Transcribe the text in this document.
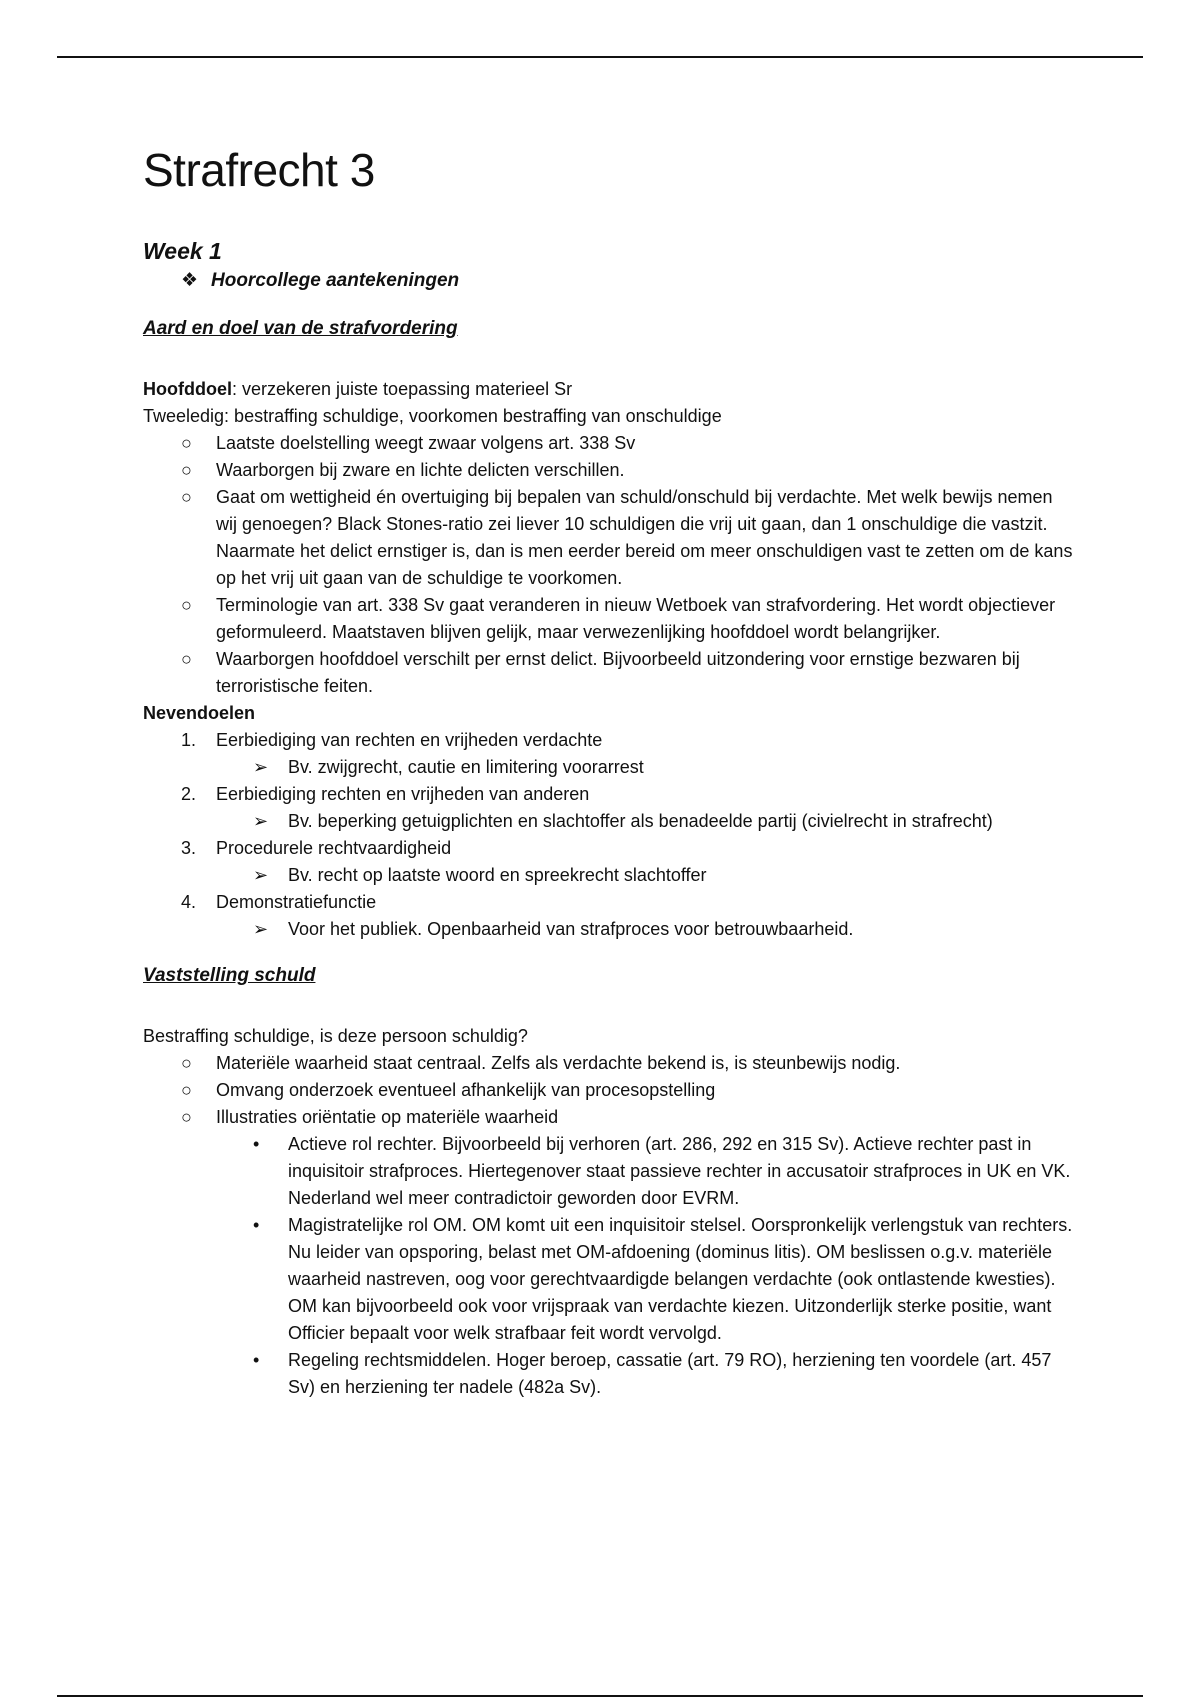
Strafrecht 3
Week 1
❖ Hoorcollege aantekeningen
Aard en doel van de strafvordering

Hoofddoel: verzekeren juiste toepassing materieel Sr

Tweeledig: bestraffing schuldige, voorkomen bestraffing van onschuldige

○ Laatste doelstelling weegt zwaar volgens art. 338 Sv
○ Waarborgen bij zware en lichte delicten verschillen.
○ Gaat om wettigheid én overtuiging bij bepalen van schuld/onschuld bij verdachte. Met welk bewijs nemen wij genoegen? Black Stones-ratio zei liever 10 schuldigen die vrij uit gaan, dan 1 onschuldige die vastzit. Naarmate het delict ernstiger is, dan is men eerder bereid om meer onschuldigen vast te zetten om de kans op het vrij uit gaan van de schuldige te voorkomen.
○ Terminologie van art. 338 Sv gaat veranderen in nieuw Wetboek van strafvordering. Het wordt objectiever geformuleerd. Maatstaven blijven gelijk, maar verwezenlijking hoofddoel wordt belangrijker.
○ Waarborgen hoofddoel verschilt per ernst delict. Bijvoorbeeld uitzondering voor ernstige bezwaren bij terroristische feiten.

Nevendoelen

1. Eerbiediging van rechten en vrijheden verdachte
➢ Bv. zwijgrecht, cautie en limitering voorarrest
2. Eerbiediging rechten en vrijheden van anderen
➢ Bv. beperking getuigplichten en slachtoffer als benadeelde partij (civielrecht in strafrecht)
3. Procedurele rechtvaardigheid
➢ Bv. recht op laatste woord en spreekrecht slachtoffer
4. Demonstratiefunctie
➢ Voor het publiek. Openbaarheid van strafproces voor betrouwbaarheid.
Vaststelling schuld

Bestraffing schuldige, is deze persoon schuldig?

○ Materiële waarheid staat centraal. Zelfs als verdachte bekend is, is steunbewijs nodig.
○ Omvang onderzoek eventueel afhankelijk van procesopstelling
○ Illustraties oriëntatie op materiële waarheid
• Actieve rol rechter. Bijvoorbeeld bij verhoren (art. 286, 292 en 315 Sv). Actieve rechter past in inquisitoir strafproces. Hiertegenover staat passieve rechter in accusatoir strafproces in UK en VK. Nederland wel meer contradictoir geworden door EVRM.
• Magistratelijke rol OM. OM komt uit een inquisitoir stelsel. Oorspronkelijk verlengstuk van rechters. Nu leider van opsporing, belast met OM-afdoening (dominus litis). OM beslissen o.g.v. materiële waarheid nastreven, oog voor gerechtvaardigde belangen verdachte (ook ontlastende kwesties). OM kan bijvoorbeeld ook voor vrijspraak van verdachte kiezen. Uitzonderlijk sterke positie, want Officier bepaalt voor welk strafbaar feit wordt vervolgd.
• Regeling rechtsmiddelen. Hoger beroep, cassatie (art. 79 RO), herziening ten voordele (art. 457 Sv) en herziening ter nadele (482a Sv).
